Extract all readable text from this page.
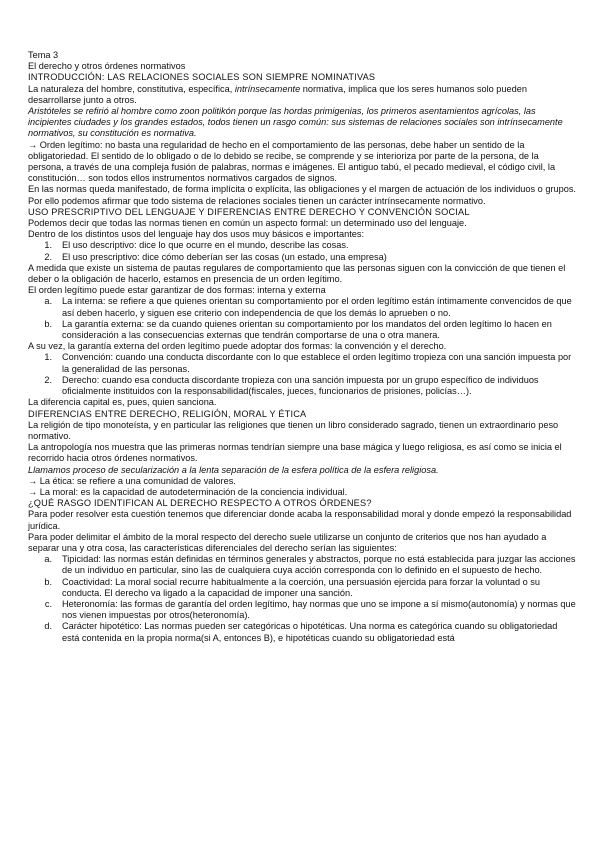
Tema 3
El derecho y otros órdenes normativos
INTRODUCCIÓN: LAS RELACIONES SOCIALES SON SIEMPRE NOMINATIVAS
La naturaleza del hombre, constitutiva, específica, intrínsecamente normativa, implica que los seres humanos solo pueden desarrollarse junto a otros.
Aristóteles se refirió al hombre como zoon politikón porque las hordas primigenias, los primeros asentamientos agrícolas, las incipientes ciudades y los grandes estados, todos tienen un rasgo común: sus sistemas de relaciones sociales son intrínsecamente normativos, su constitución es normativa.
→ Orden legítimo: no basta una regularidad de hecho en el comportamiento de las personas, debe haber un sentido de la obligatoriedad. El sentido de lo obligado o de lo debido se recibe, se comprende y se interioriza por parte de la persona, de la persona, a través de una compleja fusión de palabras, normas e imágenes. El antiguo tabú, el pecado medieval, el código civil, la constitución… son todos ellos instrumentos normativos cargados de signos.
En las normas queda manifestado, de forma implícita o explícita, las obligaciones y el margen de actuación de los individuos o grupos. Por ello podemos afirmar que todo sistema de relaciones sociales tienen un carácter intrínsecamente normativo.
USO PRESCRIPTIVO DEL LENGUAJE Y DIFERENCIAS ENTRE DERECHO Y CONVENCIÓN SOCIAL
Podemos decir que todas las normas tienen en común un aspecto formal: un determinado uso del lenguaje.
Dentro de los distintos usos del lenguaje hay dos usos muy básicos e importantes:
1.	El uso descriptivo: dice lo que ocurre en el mundo, describe las cosas.
2.	El uso prescriptivo: dice cómo deberían ser las cosas (un estado, una empresa)
A medida que existe un sistema de pautas regulares de comportamiento que las personas siguen con la convicción de que tienen el deber o la obligación de hacerlo, estamos en presencia de un orden legítimo.
El orden legítimo puede estar garantizar de dos formas: interna y externa
a.	La interna: se refiere a que quienes orientan su comportamiento por el orden legítimo están íntimamente convencidos de que así deben hacerlo, y siguen ese criterio con independencia de que los demás lo aprueben o no.
b.	La garantía externa: se da cuando quienes orientan su comportamiento por los mandatos del orden legítimo lo hacen en consideración a las consecuencias externas que tendrán comportarse de una o otra manera.
A su vez, la garantía externa del orden legítimo puede adoptar dos formas: la convención y el derecho.
1.	Convención: cuando una conducta discordante con lo que establece el orden legítimo tropieza con una sanción impuesta por la generalidad de las personas.
2.	Derecho: cuando esa conducta discordante tropieza con una sanción impuesta por un grupo específico de individuos oficialmente instituidos con la responsabilidad(fiscales, jueces, funcionarios de prisiones, policías…).
La diferencia capital es, pues, quien sanciona.
DIFERENCIAS ENTRE DERECHO, RELIGIÓN, MORAL Y ÉTICA
La religión de tipo monoteísta, y en particular las religiones que tienen un libro considerado sagrado, tienen un extraordinario peso normativo.
La antropología nos muestra que las primeras normas tendrían siempre una base mágica y luego religiosa, es así como se inicia el recorrido hacia otros órdenes normativos.
Llamamos proceso de secularización a la lenta separación de la esfera política de la esfera religiosa.
→ La ética: se refiere a una comunidad de valores.
→ La moral: es la capacidad de autodeterminación de la conciencia individual.
¿QUÉ RASGO IDENTIFICAN AL DERECHO RESPECTO A OTROS ÓRDENES?
Para poder resolver esta cuestión tenemos que diferenciar donde acaba la responsabilidad moral y donde empezó la responsabilidad jurídica.
Para poder delimitar el ámbito de la moral respecto del derecho suele utilizarse un conjunto de criterios que nos han ayudado a separar una y otra cosa, las características diferenciales del derecho serían las siguientes:
a.	Tipicidad: las normas están definidas en términos generales y abstractos, porque no está establecida para juzgar las acciones de un individuo en particular, sino las de cualquiera cuya acción corresponda con lo definido en el supuesto de hecho.
b.	Coactividad: La moral social recurre habitualmente a la coerción, una persuasión ejercida para forzar la voluntad o su conducta. El derecho va ligado a la capacidad de imponer una sanción.
c.	Heteronomía: las formas de garantía del orden legítimo, hay normas que uno se impone a sí mismo(autonomía) y normas que nos vienen impuestas por otros(heteronomía).
d.	Carácter hipotético: Las normas pueden ser categóricas o hipotéticas. Una norma es categórica cuando su obligatoriedad está contenida en la propia norma(si A, entonces B), e hipotéticas cuando su obligatoriedad está
